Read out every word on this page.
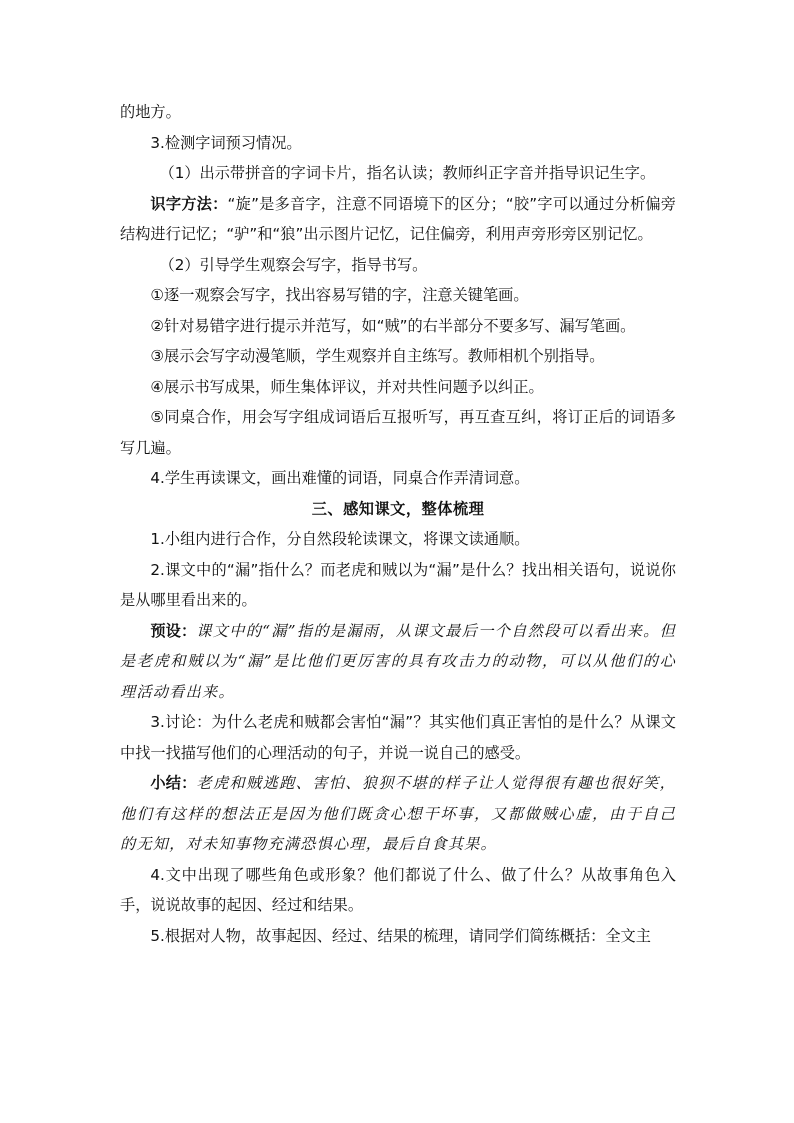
的地方。

3.检测字词预习情况。

（1）出示带拼音的字词卡片，指名认读；教师纠正字音并指导识记生字。

识字方法：“旋”是多音字，注意不同语境下的区分；“胶”字可以通过分析偏旁结构进行记忆；“驴”和“狼”出示图片记忆，记住偏旁，利用声旁形旁区别记忆。

（2）引导学生观察会写字，指导书写。

①逐一观察会写字，找出容易写错的字，注意关键笔画。

②针对易错字进行提示并范写，如“贼”的右半部分不要多写、漏写笔画。

③展示会写字动漫笔顺，学生观察并自主练写。教师相机个别指导。

④展示书写成果，师生集体评议，并对共性问题予以纠正。

⑤同桌合作，用会写字组成词语后互报听写，再互查互纠，将订正后的词语多写几遍。

4.学生再读课文，画出难懂的词语，同桌合作弄清词意。

三、感知课文，整体梳理

1.小组内进行合作，分自然段轮读课文，将课文读通顺。

2.课文中的“漏”指什么？而老虎和贼以为“漏”是什么？找出相关语句，说说你是从哪里看出来的。

预设：课文中的“漏”指的是漏雨，从课文最后一个自然段可以看出来。但是老虎和贼以为“漏”是比他们更厉害的具有攻击力的动物，可以从他们的心理活动看出来。

3.讨论：为什么老虎和贼都会害怕“漏”？其实他们真正害怕的是什么？从课文中找一找描写他们的心理活动的句子，并说一说自己的感受。

小结：老虎和贼逃跑、害怕、狼狈不堪的样子让人觉得很有趣也很好笑，他们有这样的想法正是因为他们既贪心想干坏事，又都做贼心虚，由于自己的无知，对未知事物充满恐惧心理，最后自食其果。

4.文中出现了哪些角色或形象？他们都说了什么、做了什么？从故事角色入手，说说故事的起因、经过和结果。

5.根据对人物，故事起因、经过、结果的梳理，请同学们简练概括：全文主
